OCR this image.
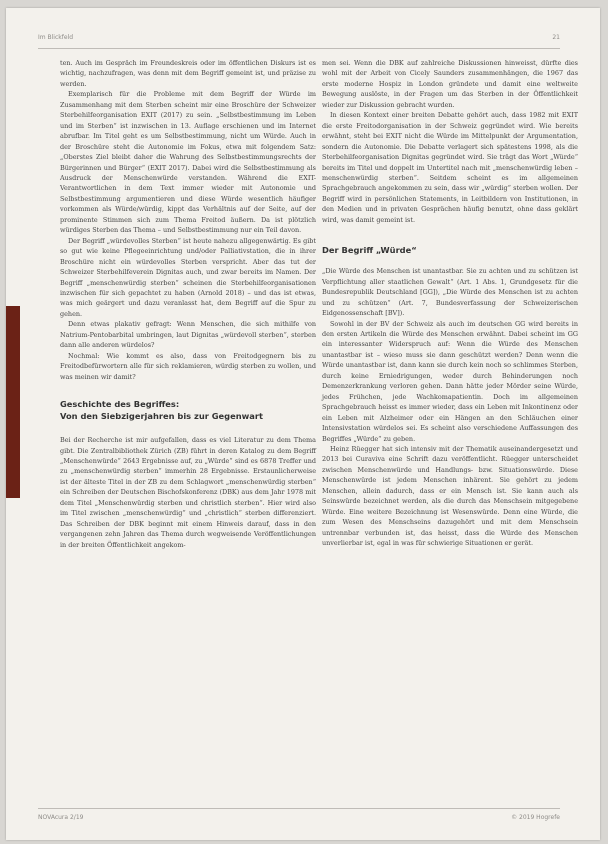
Im Blickfeld	21

ten. Auch im Gespräch im Freundeskreis oder im öffentlichen Diskurs ist es wichtig, nachzufragen, was denn mit dem Begriff gemeint ist, und präzise zu werden.

Exemplarisch für die Probleme mit dem Begriff der Würde im Zusammenhang mit dem Sterben scheint mir eine Broschüre der Schweizer Sterbehilfeorganisation EXIT (2017) zu sein. „Selbstbestimmung im Leben und im Sterben“ ist inzwischen in 13. Auflage erschienen und im Internet abrufbar. Im Titel geht es um Selbstbestimmung, nicht um Würde. Auch in der Broschüre steht die Autonomie im Fokus, etwa mit folgendem Satz: „Oberstes Ziel bleibt daher die Wahrung des Selbstbestimmungsrechts der Bürgerinnen und Bürger“ (EXIT 2017). Dabei wird die Selbstbestimmung als Ausdruck der Menschenwürde verstanden. Während die EXIT-Verantwortlichen in dem Text immer wieder mit Autonomie und Selbstbestimmung argumentieren und diese Würde wesentlich häufiger vorkommen als Würde/würdig, kippt das Verhältnis auf der Seite, auf der prominente Stimmen sich zum Thema Freitod äußern. Da ist plötzlich würdiges Sterben das Thema – und Selbstbestimmung nur ein Teil davon.

Der Begriff „würdevolles Sterben“ ist heute nahezu allgegenwärtig. Es gibt so gut wie keine Pflegeeinrichtung und/oder Palliativstation, die in ihrer Broschüre nicht ein würdevolles Sterben verspricht. Aber das tut der Schweizer Sterbehilfeverein Dignitas auch, und zwar bereits im Namen. Der Begriff „menschenwürdig sterben“ scheinen die Sterbehilfeorganisationen inzwischen für sich gepachtet zu haben (Arnold 2018) – und das ist etwas, was mich geärgert und dazu veranlasst hat, dem Begriff auf die Spur zu gehen.

Denn etwas plakativ gefragt: Wenn Menschen, die sich mithilfe von Natrium-Pentobarbital umbringen, laut Dignitas „würdevoll sterben“, sterben dann alle anderen würdelos?

Nochmal: Wie kommt es also, dass von Freitodgegnern bis zu Freitodbefürwortern alle für sich reklamieren, würdig sterben zu wollen, und was meinen wir damit?

Geschichte des Begriffes:
Von den Siebzigerjahren bis zur Gegenwart

Bei der Recherche ist mir aufgefallen, dass es viel Literatur zu dem Thema gibt. Die Zentralbibliothek Zürich (ZB) führt in deren Katalog zu dem Begriff „Menschenwürde“ 2643 Ergebnisse auf, zu „Würde“ sind es 6878 Treffer und zu „menschenwürdig sterben“ immerhin 28 Ergebnisse. Erstaunlicherweise ist der älteste Titel in der ZB zu dem Schlagwort „menschenwürdig sterben“ ein Schreiben der Deutschen Bischofskonferenz (DBK) aus dem Jahr 1978 mit dem Titel „Menschenwürdig sterben und christlich sterben“. Hier wird also im Titel zwischen „menschenwürdig“ und „christlich“ sterben differenziert. Das Schreiben der DBK beginnt mit einem Hinweis darauf, dass in den vergangenen zehn Jahren das Thema durch wegweisende Veröffentlichungen in der breiten Öffentlichkeit angekom-

men sei. Wenn die DBK auf zahlreiche Diskussionen hinweisst, dürfte dies wohl mit der Arbeit von Cicely Saunders zusammenhängen, die 1967 das erste moderne Hospiz in London gründete und damit eine weltweite Bewegung auslöste, in der Fragen um das Sterben in der Öffentlichkeit wieder zur Diskussion gebracht wurden.

In diesen Kontext einer breiten Debatte gehört auch, dass 1982 mit EXIT die erste Freitodorganisation in der Schweiz gegründet wird. Wie bereits erwähnt, steht bei EXIT nicht die Würde im Mittelpunkt der Argumentation, sondern die Autonomie. Die Debatte verlagert sich spätestens 1998, als die Sterbehilfeorganisation Dignitas gegründet wird. Sie trägt das Wort „Würde“ bereits im Titel und doppelt im Untertitel nach mit „menschenwürdig leben – menschenwürdig sterben“. Seitdem scheint es im allgemeinen Sprachgebrauch angekommen zu sein, dass wir „würdig“ sterben wollen. Der Begriff wird in persönlichen Statements, in Leitbildern von Institutionen, in den Medien und in privaten Gesprächen häufig benutzt, ohne dass geklärt wird, was damit gemeint ist.

Der Begriff „Würde“

„Die Würde des Menschen ist unantastbar. Sie zu achten und zu schützen ist Verpflichtung aller staatlichen Gewalt“ (Art. 1 Abs. 1, Grundgesetz für die Bundesrepublik Deutschland [GG]), „Die Würde des Menschen ist zu achten und zu schützen“ (Art. 7, Bundesverfassung der Schweizerischen Eidgenossenschaft [BV]).

Sowohl in der BV der Schweiz als auch im deutschen GG wird bereits in den ersten Artikeln die Würde des Menschen erwähnt. Dabei scheint im GG ein interessanter Widerspruch auf: Wenn die Würde des Menschen unantastbar ist – wieso muss sie dann geschützt werden? Denn wenn die Würde unantastbar ist, dann kann sie durch kein noch so schlimmes Sterben, durch keine Erniedrigungen, weder durch Behinderungen noch Demenzerkrankung verloren gehen. Dann hätte jeder Mörder seine Würde, jedes Frühchen, jede Wachkomapatientin. Doch im allgemeinen Sprachgebrauch heisst es immer wieder, dass ein Leben mit Inkontinenz oder ein Leben mit Alzheimer oder ein Hängen an den Schläuchen einer Intensivstation würdelos sei. Es scheint also verschiedene Auffassungen des Begriffes „Würde“ zu geben.

Heinz Rüegger hat sich intensiv mit der Thematik auseinandergesetzt und 2013 bei Curaviva eine Schrift dazu veröffentlicht. Rüegger unterscheidet zwischen Menschenwürde und Handlungs- bzw. Situationswürde. Diese Menschenwürde ist jedem Menschen inhärent. Sie gehört zu jedem Menschen, allein dadurch, dass er ein Mensch ist. Sie kann auch als Seinswürde bezeichnet werden, als die durch das Menschsein mitgegebene Würde. Eine weitere Bezeichnung ist Wesenswürde. Denn eine Würde, die zum Wesen des Menschseins dazugehört und mit dem Menschsein untrennbar verbunden ist, das heisst, dass die Würde des Menschen unverlierbar ist, egal in was für schwierige Situationen er gerät.

NOVAcura 2/19	© 2019 Hogrefe
